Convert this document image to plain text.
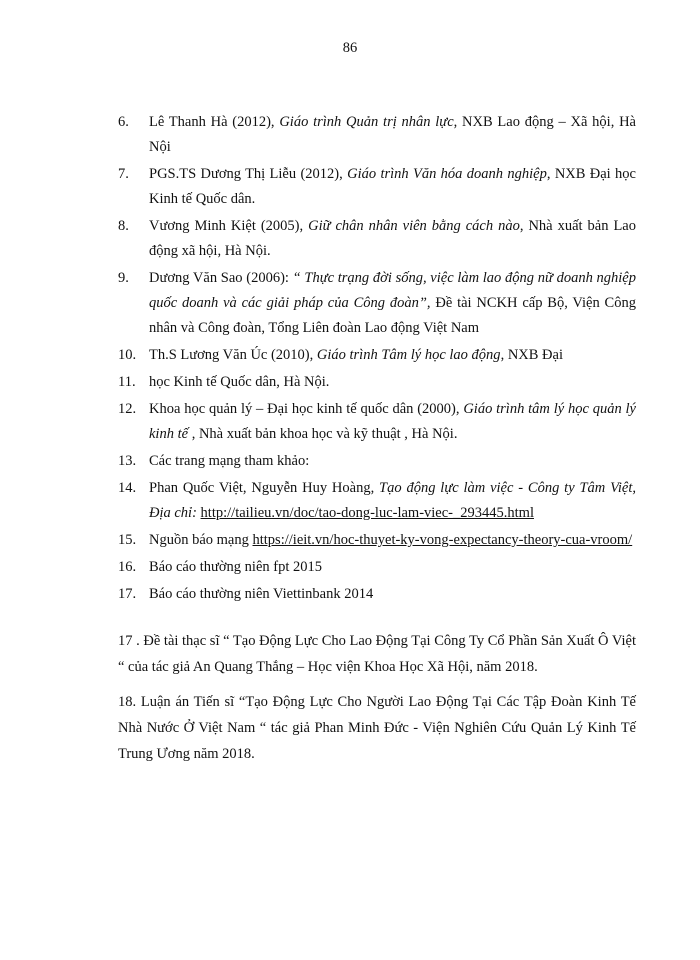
86
6.	Lê Thanh Hà (2012), Giáo trình Quản trị nhân lực, NXB Lao động – Xã hội, Hà Nội
7.	PGS.TS Dương Thị Liễu (2012), Giáo trình Văn hóa doanh nghiệp, NXB Đại học Kinh tế Quốc dân.
8.	Vương Minh Kiệt (2005), Giữ chân nhân viên bằng cách nào, Nhà xuất bản Lao động xã hội, Hà Nội.
9.	Dương Văn Sao (2006): “ Thực trạng đời sống, việc làm lao động nữ doanh nghiệp quốc doanh và các giải pháp của Công đoàn”, Đề tài NCKH cấp Bộ, Viện Công nhân và Công đoàn, Tổng Liên đoàn Lao động Việt Nam
10. Th.S Lương Văn Úc (2010), Giáo trình Tâm lý học lao động, NXB Đại
11. học Kinh tế Quốc dân, Hà Nội.
12. Khoa học quản lý – Đại học kinh tế quốc dân (2000), Giáo trình tâm lý học quản lý kinh tế , Nhà xuất bản khoa học và kỹ thuật , Hà Nội.
13. Các trang mạng tham khảo:
14. Phan Quốc Việt, Nguyễn Huy Hoàng, Tạo động lực làm việc - Công ty Tâm Việt, Địa chỉ: http://tailieu.vn/doc/tao-dong-luc-lam-viec-_293445.html
15. Nguồn báo mạng https://ieit.vn/hoc-thuyet-ky-vong-expectancy-theory-cua-vroom/
16. Báo cáo thường niên fpt 2015
17. Báo cáo thường niên Viettinbank 2014
17 . Đề tài thạc sĩ “ Tạo Động Lực Cho Lao Động Tại Công Ty Cổ Phần Sản Xuất Ô Việt “ của tác giả An Quang Thắng – Học viện Khoa Học Xã Hội, năm 2018.
18. Luận án Tiến sĩ “Tạo Động Lực Cho Người Lao Động Tại Các Tập Đoàn Kinh Tế Nhà Nước Ở Việt Nam “ tác giả Phan Minh Đức - Viện Nghiên Cứu Quản Lý Kinh Tế Trung Ương năm 2018.
